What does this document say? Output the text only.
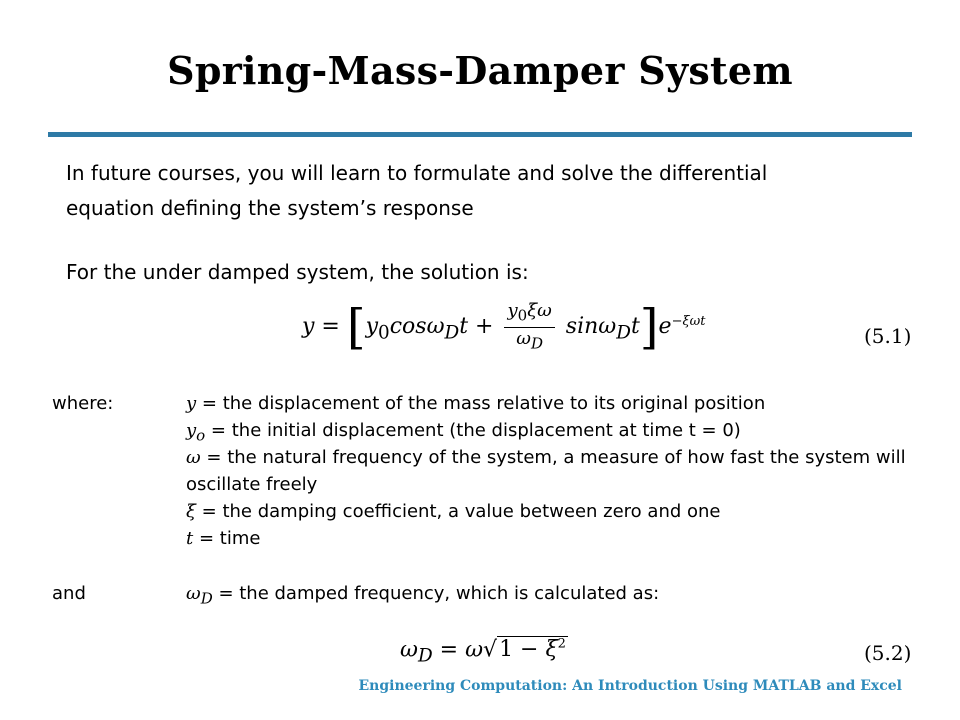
Spring-Mass-Damper System
In future courses, you will learn to formulate and solve the differential
equation defining the system’s response
For the under damped system, the solution is:
$y = [y_0\cos\omega_Dt + \frac{y_0\xi\omega}{\omega_D} \sin\omega_Dt]e^{-\xi\omega t}$
(5.1)
where:	y = the displacement of the mass relative to its original position
$y_o$ = the initial displacement (the displacement at time t = 0)
ω = the natural frequency of the system, a measure of how fast the system will
oscillate freely
ξ = the damping coefficient, a value between zero and one
t = time
and	$\omega_D$ = the damped frequency, which is calculated as:
$\omega_D = \omega√1 - \xi^2$	(5.2)
Engineering Computation: An Introduction Using MATLAB and Excel
